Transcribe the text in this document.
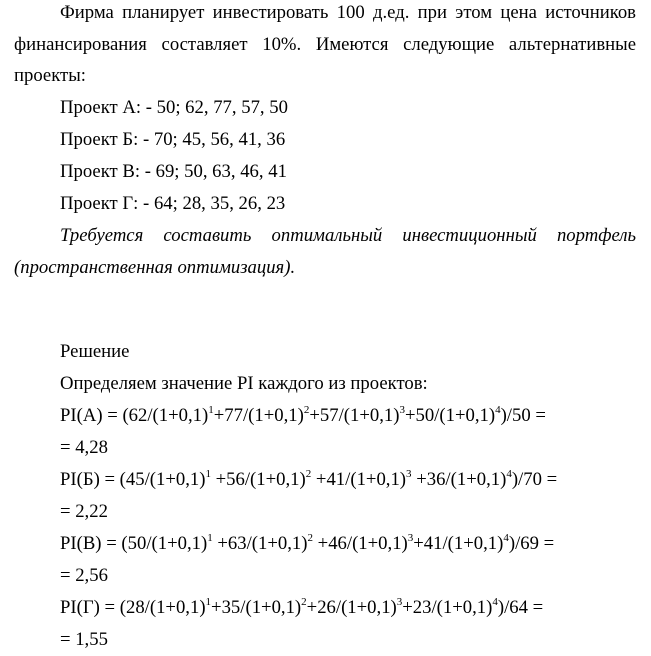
Фирма планирует инвестировать 100 д.ед. при этом цена источников
финансирования составляет 10%. Имеются следующие альтернативные
проекты:
Проект А: - 50; 62, 77, 57, 50
Проект Б: - 70; 45, 56, 41, 36
Проект В: - 69; 50, 63, 46, 41
Проект Г: - 64; 28, 35, 26, 23
Требуется составить оптимальный инвестиционный портфель
(пространственная оптимизация).
Решение
Определяем значение PI каждого из проектов:
$PI(А) = (62/(1+0,1)^1+77/(1+0,1)^2+57/(1+0,1)^3+50/(1+0,1)^4)/50$ =
= 4,28
$PI(Б) = (45/(1+0,1)^1 +56/(1+0,1)^2 +41/(1+0,1)^3 +36/(1+0,1)^4)/70$ =
= 2,22
$PI(В) = (50/(1+0,1)^1 +63/(1+0,1)^2 +46/(1+0,1)^3+41/(1+0,1)^4)/69$ =
= 2,56
$PI(Г) = (28/(1+0,1)^1+35/(1+0,1)^2+26/(1+0,1)^3+23/(1+0,1)^4)/64$ =
= 1,55
